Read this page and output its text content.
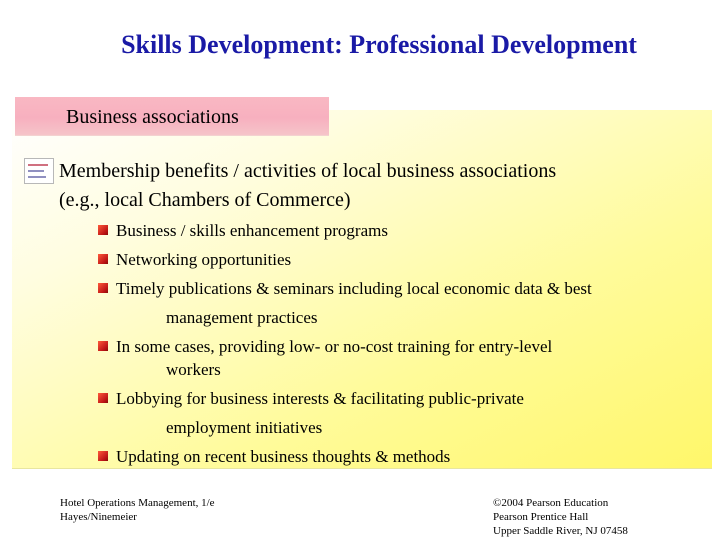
Skills Development: Professional Development
Business associations
Membership benefits / activities of local business associations
(e.g., local Chambers of Commerce)
Business / skills enhancement programs
Networking opportunities
Timely publications & seminars including local economic data & best
management practices
In some cases, providing low- or no-cost training for entry-level
workers
Lobbying for business interests & facilitating public-private
employment initiatives
Updating on recent business thoughts & methods
Hotel Operations Management, 1/e
Hayes/Ninemeier
©2004 Pearson Education
Pearson Prentice Hall
Upper Saddle River, NJ 07458
